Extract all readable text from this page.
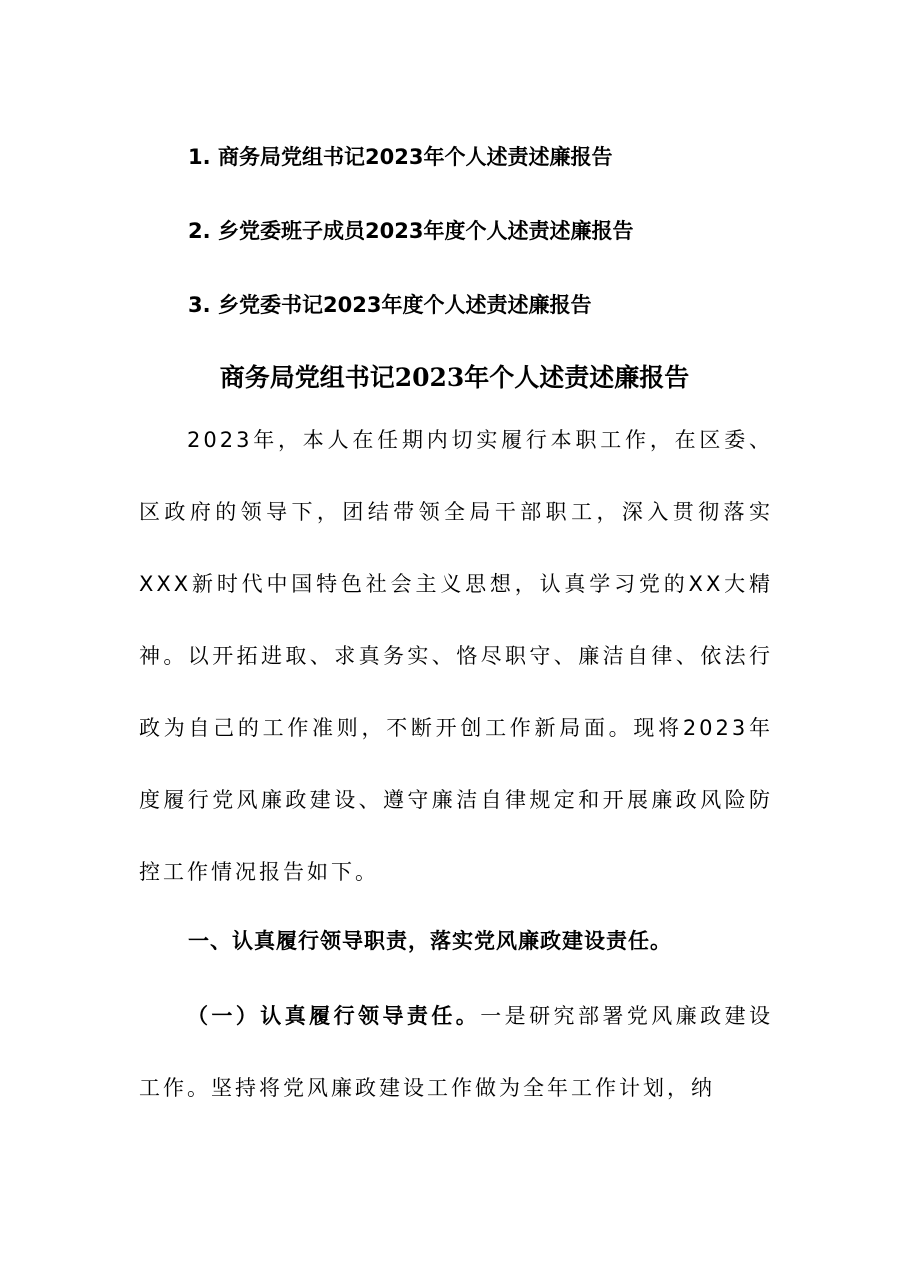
1. 商务局党组书记2023年个人述责述廉报告
2. 乡党委班子成员2023年度个人述责述廉报告
3. 乡党委书记2023年度个人述责述廉报告
商务局党组书记2023年个人述责述廉报告

2023年，本人在任期内切实履行本职工作，在区委、区政府的领导下，团结带领全局干部职工，深入贯彻落实XXX新时代中国特色社会主义思想，认真学习党的XX大精神。以开拓进取、求真务实、恪尽职守、廉洁自律、依法行政为自己的工作准则，不断开创工作新局面。现将2023年度履行党风廉政建设、遵守廉洁自律规定和开展廉政风险防控工作情况报告如下。

一、认真履行领导职责，落实党风廉政建设责任。

（一）认真履行领导责任。一是研究部署党风廉政建设工作。坚持将党风廉政建设工作做为全年工作计划，纳
